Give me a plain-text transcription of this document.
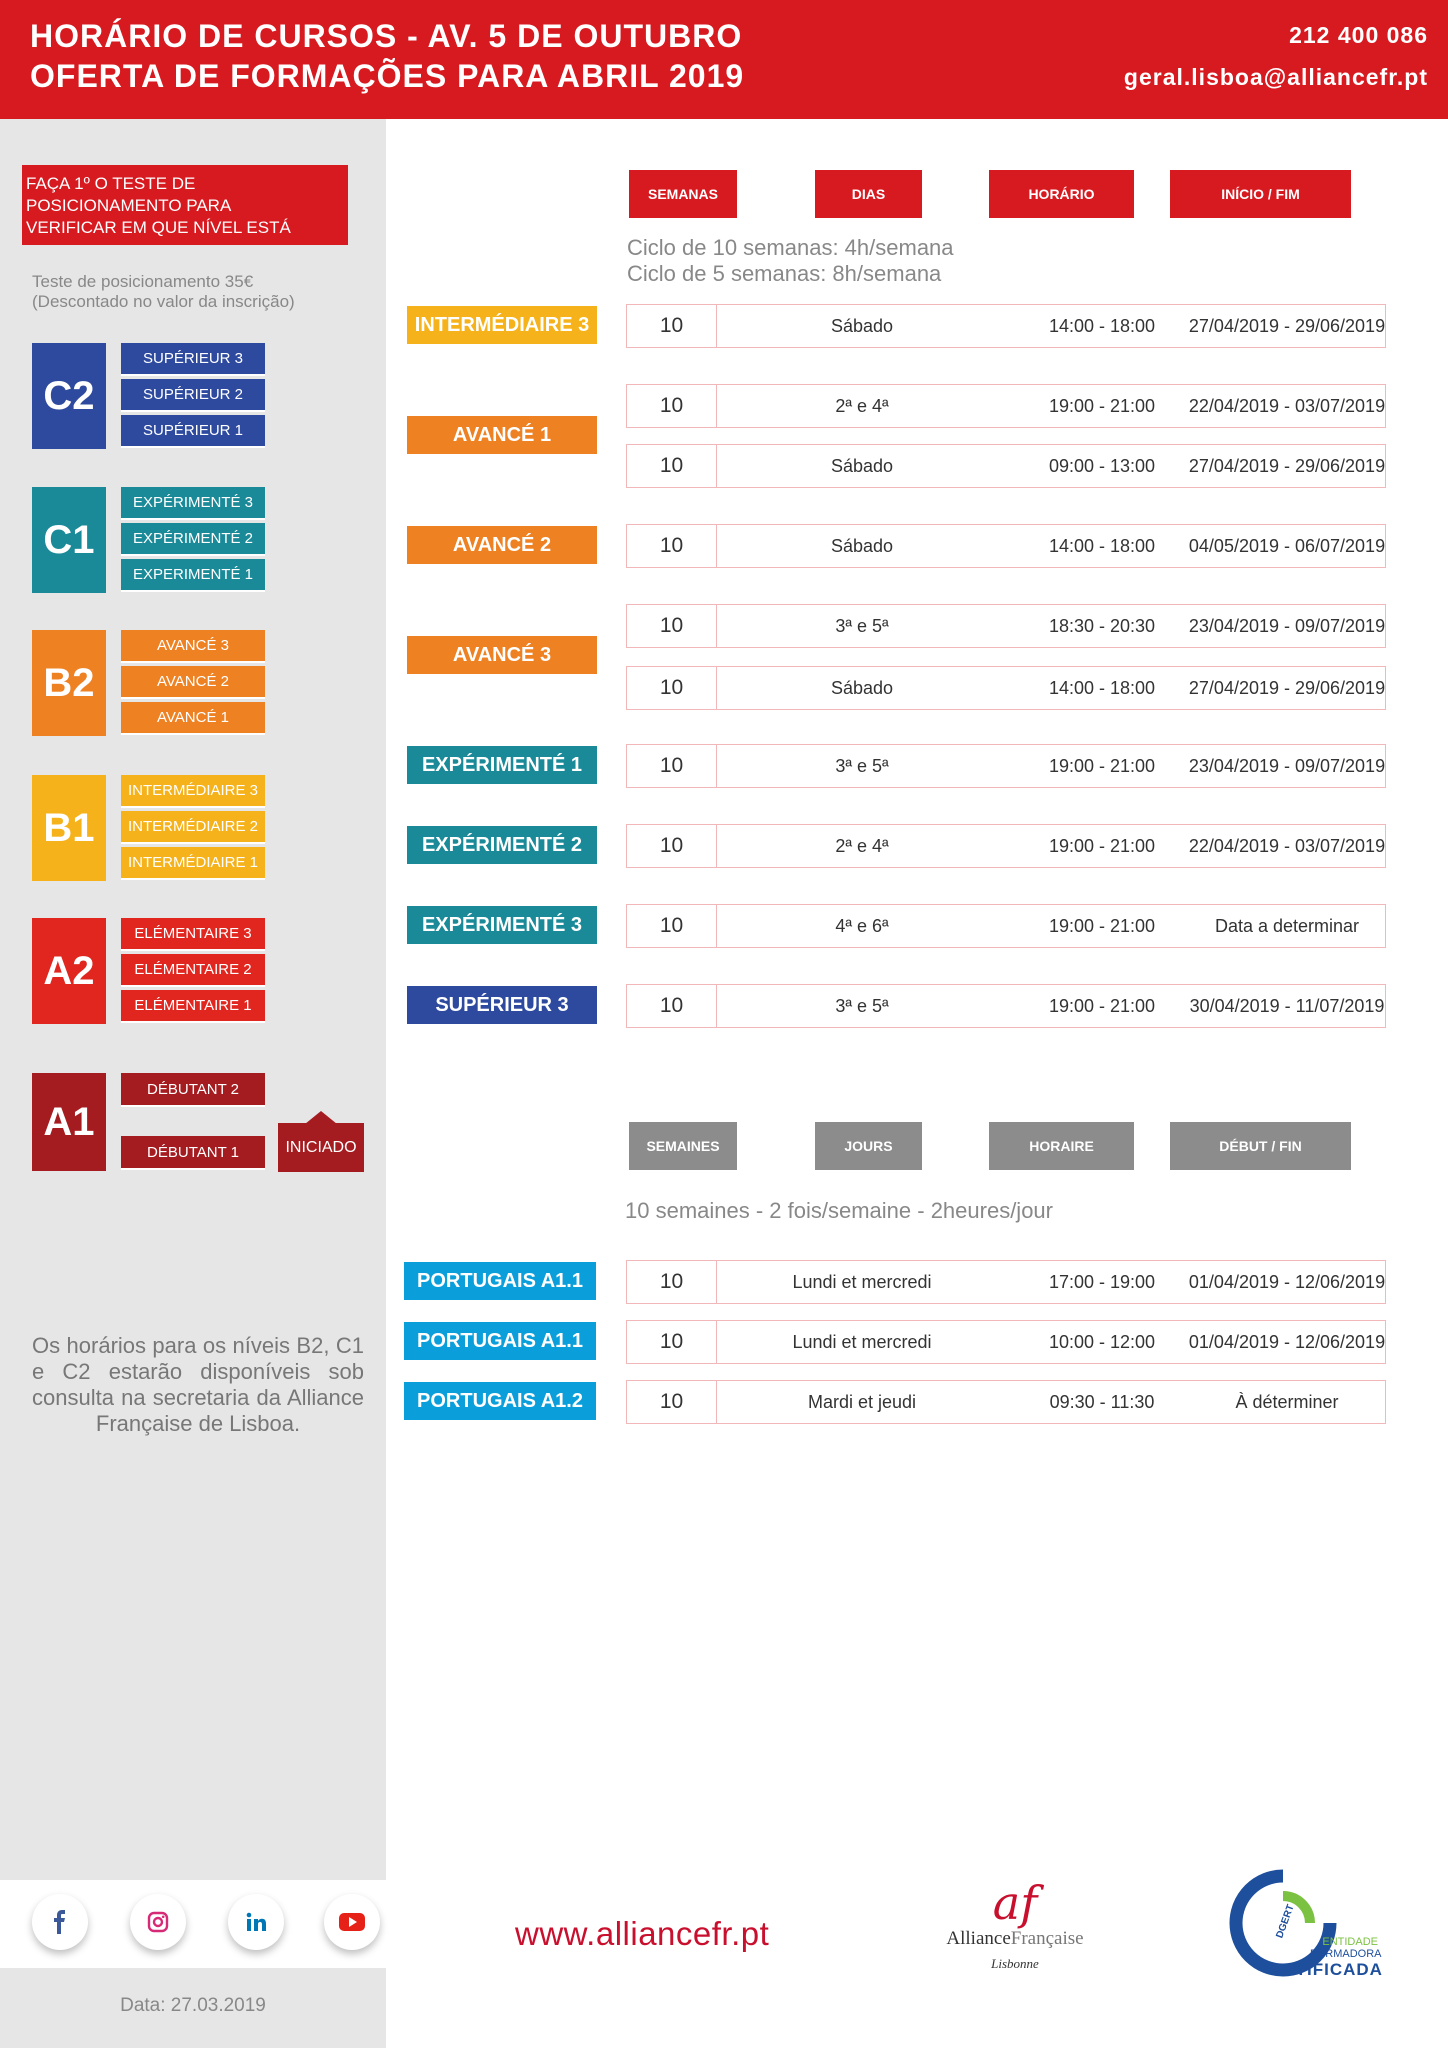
HORÁRIO DE CURSOS - AV. 5 DE OUTUBRO
OFERTA DE FORMAÇÕES PARA ABRIL 2019
212 400 086
geral.lisboa@alliancefr.pt
FAÇA 1º O TESTE DE
POSICIONAMENTO PARA
VERIFICAR EM QUE NÍVEL ESTÁ
Teste de posicionamento 35€
(Descontado no valor da inscrição)
C2
SUPÉRIEUR 3
SUPÉRIEUR 2
SUPÉRIEUR 1
C1
EXPÉRIMENTÉ 3
EXPÉRIMENTÉ 2
EXPERIMENTÉ 1
B2
AVANCÉ 3
AVANCÉ 2
AVANCÉ 1
B1
INTERMÉDIAIRE 3
INTERMÉDIAIRE 2
INTERMÉDIAIRE 1
A2
ELÉMENTAIRE 3
ELÉMENTAIRE 2
ELÉMENTAIRE 1
A1
DÉBUTANT 2
DÉBUTANT 1	INICIADO
Os horários para os níveis B2, C1 e C2 estarão disponíveis sob consulta na secretaria da Alliance Française de Lisboa.
Data: 27.03.2019
SEMANAS	DIAS	HORÁRIO	INÍCIO / FIM
Ciclo de 10 semanas: 4h/semana
Ciclo de 5 semanas: 8h/semana
INTERMÉDIAIRE 3	10	Sábado	14:00 - 18:00	27/04/2019 - 29/06/2019
AVANCÉ 1
10	2ª e 4ª	19:00 - 21:00	22/04/2019 - 03/07/2019
10	Sábado	09:00 - 13:00	27/04/2019 - 29/06/2019
AVANCÉ 2	10	Sábado	14:00 - 18:00	04/05/2019 - 06/07/2019
AVANCÉ 3
10	3ª e 5ª	18:30 - 20:30	23/04/2019 - 09/07/2019
10	Sábado	14:00 - 18:00	27/04/2019 - 29/06/2019
EXPÉRIMENTÉ 1	10	3ª e 5ª	19:00 - 21:00	23/04/2019 - 09/07/2019
EXPÉRIMENTÉ 2	10	2ª e 4ª	19:00 - 21:00	22/04/2019 - 03/07/2019
EXPÉRIMENTÉ 3	10	4ª e 6ª	19:00 - 21:00	Data a determinar
SUPÉRIEUR 3	10	3ª e 5ª	19:00 - 21:00	30/04/2019 - 11/07/2019
SEMAINES	JOURS	HORAIRE	DÉBUT / FIN
10 semaines - 2 fois/semaine - 2heures/jour
PORTUGAIS A1.1	10	Lundi et mercredi	17:00 - 19:00	01/04/2019 - 12/06/2019
PORTUGAIS A1.1	10	Lundi et mercredi	10:00 - 12:00	01/04/2019 - 12/06/2019
PORTUGAIS A1.2	10	Mardi et jeudi	09:30 - 11:30	À déterminer
www.alliancefr.pt
af
AllianceFrançaise
Lisbonne
DGERT
ENTIDADE
FORMADORA
ERTIFICADA
